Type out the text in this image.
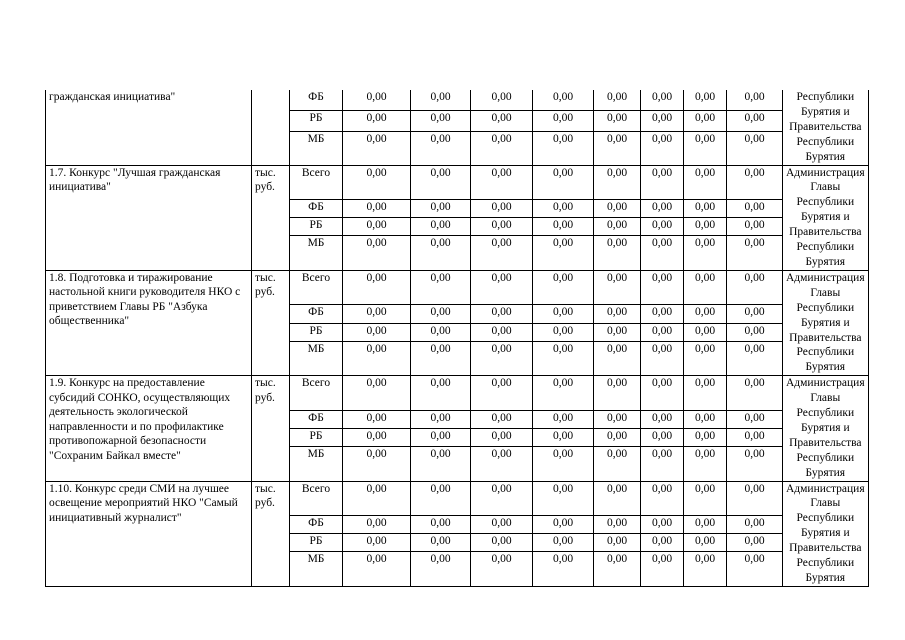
гражданская инициатива"		ФБ	0,00	0,00	0,00	0,00	0,00	0,00	0,00	0,00	Республики Бурятия и Правительства Республики Бурятия
		РБ	0,00	0,00	0,00	0,00	0,00	0,00	0,00	0,00	
		МБ	0,00	0,00	0,00	0,00	0,00	0,00	0,00	0,00	
1.7. Конкурс "Лучшая гражданская инициатива"	тыс. руб.	Всего	0,00	0,00	0,00	0,00	0,00	0,00	0,00	0,00	Администрация Главы Республики Бурятия и Правительства Республики Бурятия
		ФБ	0,00	0,00	0,00	0,00	0,00	0,00	0,00	0,00	
		РБ	0,00	0,00	0,00	0,00	0,00	0,00	0,00	0,00	
		МБ	0,00	0,00	0,00	0,00	0,00	0,00	0,00	0,00	
1.8. Подготовка и тиражирование настольной книги руководителя НКО с приветствием Главы РБ "Азбука общественника"	тыс. руб.	Всего	0,00	0,00	0,00	0,00	0,00	0,00	0,00	0,00	Администрация Главы Республики Бурятия и Правительства Республики Бурятия
		ФБ	0,00	0,00	0,00	0,00	0,00	0,00	0,00	0,00	
		РБ	0,00	0,00	0,00	0,00	0,00	0,00	0,00	0,00	
		МБ	0,00	0,00	0,00	0,00	0,00	0,00	0,00	0,00	
1.9. Конкурс на предоставление субсидий СОНКО, осуществляющих деятельность экологической направленности и по профилактике противопожарной безопасности "Сохраним Байкал вместе"	тыс. руб.	Всего	0,00	0,00	0,00	0,00	0,00	0,00	0,00	0,00	Администрация Главы Республики Бурятия и Правительства Республики Бурятия
		ФБ	0,00	0,00	0,00	0,00	0,00	0,00	0,00	0,00	
		РБ	0,00	0,00	0,00	0,00	0,00	0,00	0,00	0,00	
		МБ	0,00	0,00	0,00	0,00	0,00	0,00	0,00	0,00	
1.10. Конкурс среди СМИ на лучшее освещение мероприятий НКО "Самый инициативный журналист"	тыс. руб.	Всего	0,00	0,00	0,00	0,00	0,00	0,00	0,00	0,00	Администрация Главы Республики Бурятия и Правительства Республики Бурятия
		ФБ	0,00	0,00	0,00	0,00	0,00	0,00	0,00	0,00	
		РБ	0,00	0,00	0,00	0,00	0,00	0,00	0,00	0,00	
		МБ	0,00	0,00	0,00	0,00	0,00	0,00	0,00	0,00	
